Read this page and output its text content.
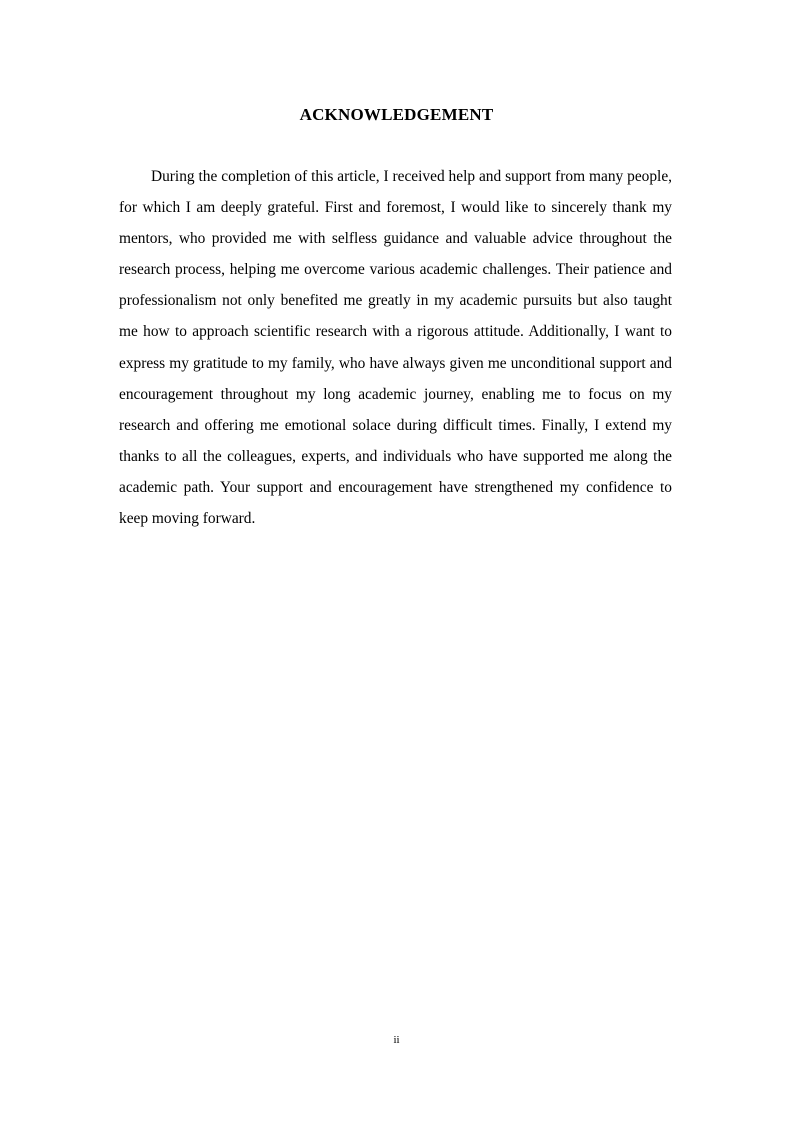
ACKNOWLEDGEMENT

During the completion of this article, I received help and support from many people, for which I am deeply grateful. First and foremost, I would like to sincerely thank my mentors, who provided me with selfless guidance and valuable advice throughout the research process, helping me overcome various academic challenges. Their patience and professionalism not only benefited me greatly in my academic pursuits but also taught me how to approach scientific research with a rigorous attitude. Additionally, I want to express my gratitude to my family, who have always given me unconditional support and encouragement throughout my long academic journey, enabling me to focus on my research and offering me emotional solace during difficult times. Finally, I extend my thanks to all the colleagues, experts, and individuals who have supported me along the academic path. Your support and encouragement have strengthened my confidence to keep moving forward.

ii
